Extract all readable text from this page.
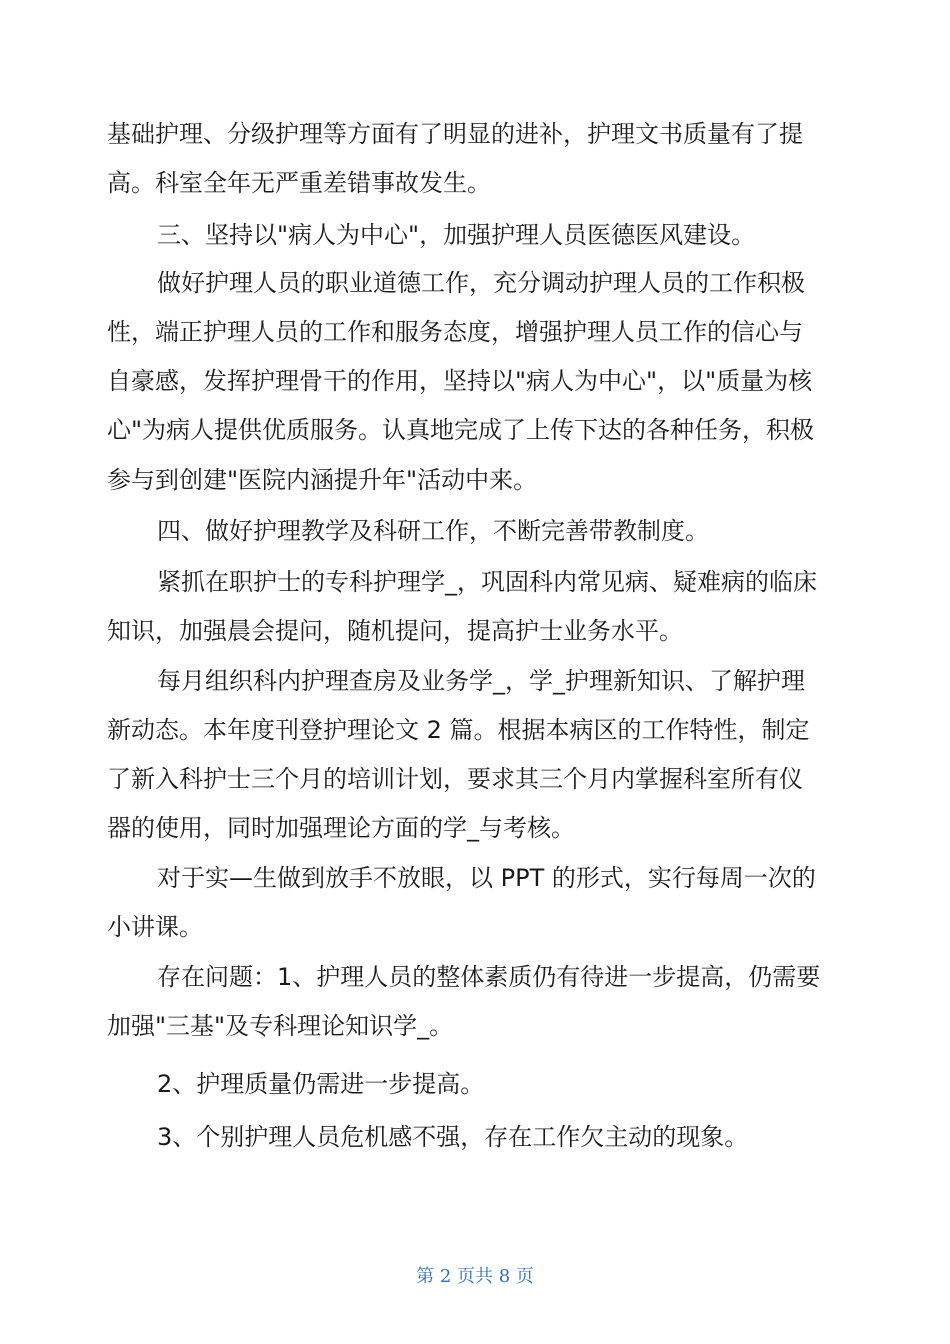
基础护理、分级护理等方面有了明显的进补，护理文书质量有了提
高。科室全年无严重差错事故发生。
三、坚持以"病人为中心"，加强护理人员医德医风建设。
做好护理人员的职业道德工作，充分调动护理人员的工作积极
性，端正护理人员的工作和服务态度，增强护理人员工作的信心与
自豪感，发挥护理骨干的作用，坚持以"病人为中心"，以"质量为核
心"为病人提供优质服务。认真地完成了上传下达的各种任务，积极
参与到创建"医院内涵提升年"活动中来。
四、做好护理教学及科研工作，不断完善带教制度。
紧抓在职护士的专科护理学_，巩固科内常见病、疑难病的临床
知识，加强晨会提问，随机提问，提高护士业务水平。
每月组织科内护理查房及业务学_，学_护理新知识、了解护理
新动态。本年度刊登护理论文 2 篇。根据本病区的工作特性，制定
了新入科护士三个月的培训计划，要求其三个月内掌握科室所有仪
器的使用，同时加强理论方面的学_与考核。
对于实—生做到放手不放眼，以 PPT 的形式，实行每周一次的
小讲课。
存在问题：1、护理人员的整体素质仍有待进一步提高，仍需要
加强"三基"及专科理论知识学_。
2、护理质量仍需进一步提高。
3、个别护理人员危机感不强，存在工作欠主动的现象。
第 2 页共 8 页
